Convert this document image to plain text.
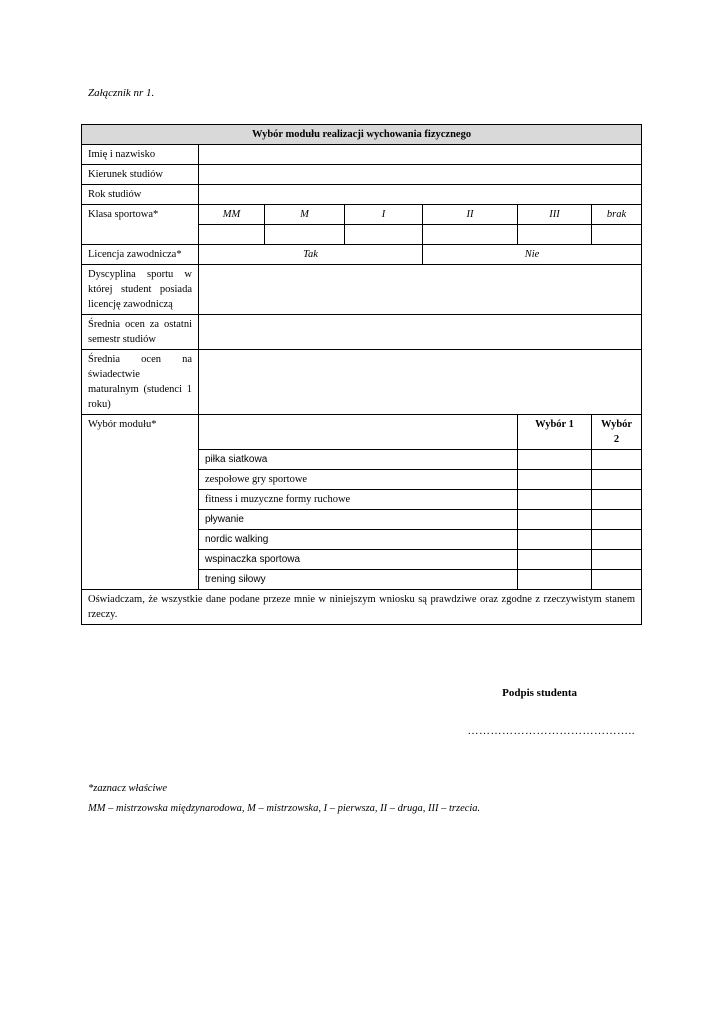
Załącznik nr 1.
Wybór modułu realizacji wychowania fizycznego						
Imię i nazwisko						
Kierunek studiów						
Rok studiów						
Klasa sportowa*	MM	M	I	II	III	brak

Licencja zawodnicza*	Tak			Nie		
Dyscyplina sportu w której student posiada licencję zawodniczą						
Średnia ocen za ostatni semestr studiów						
Średnia ocen na świadectwie maturalnym (studenci 1 roku)						
Wybór modułu*					Wybór 1	Wybór 2
	piłka siatkowa					
	zespołowe gry sportowe					
	fitness i muzyczne formy ruchowe					
	pływanie					
	nordic walking					
	wspinaczka sportowa					
	trening siłowy					

Oświadczam, że wszystkie dane podane przeze mnie w niniejszym wniosku są prawdziwe oraz zgodne z rzeczywistym stanem rzeczy.
Podpis studenta
……………………………………..						
*zaznacz właściwe
MM – mistrzowska międzynarodowa, M – mistrzowska, I – pierwsza, II – druga, III – trzecia.
